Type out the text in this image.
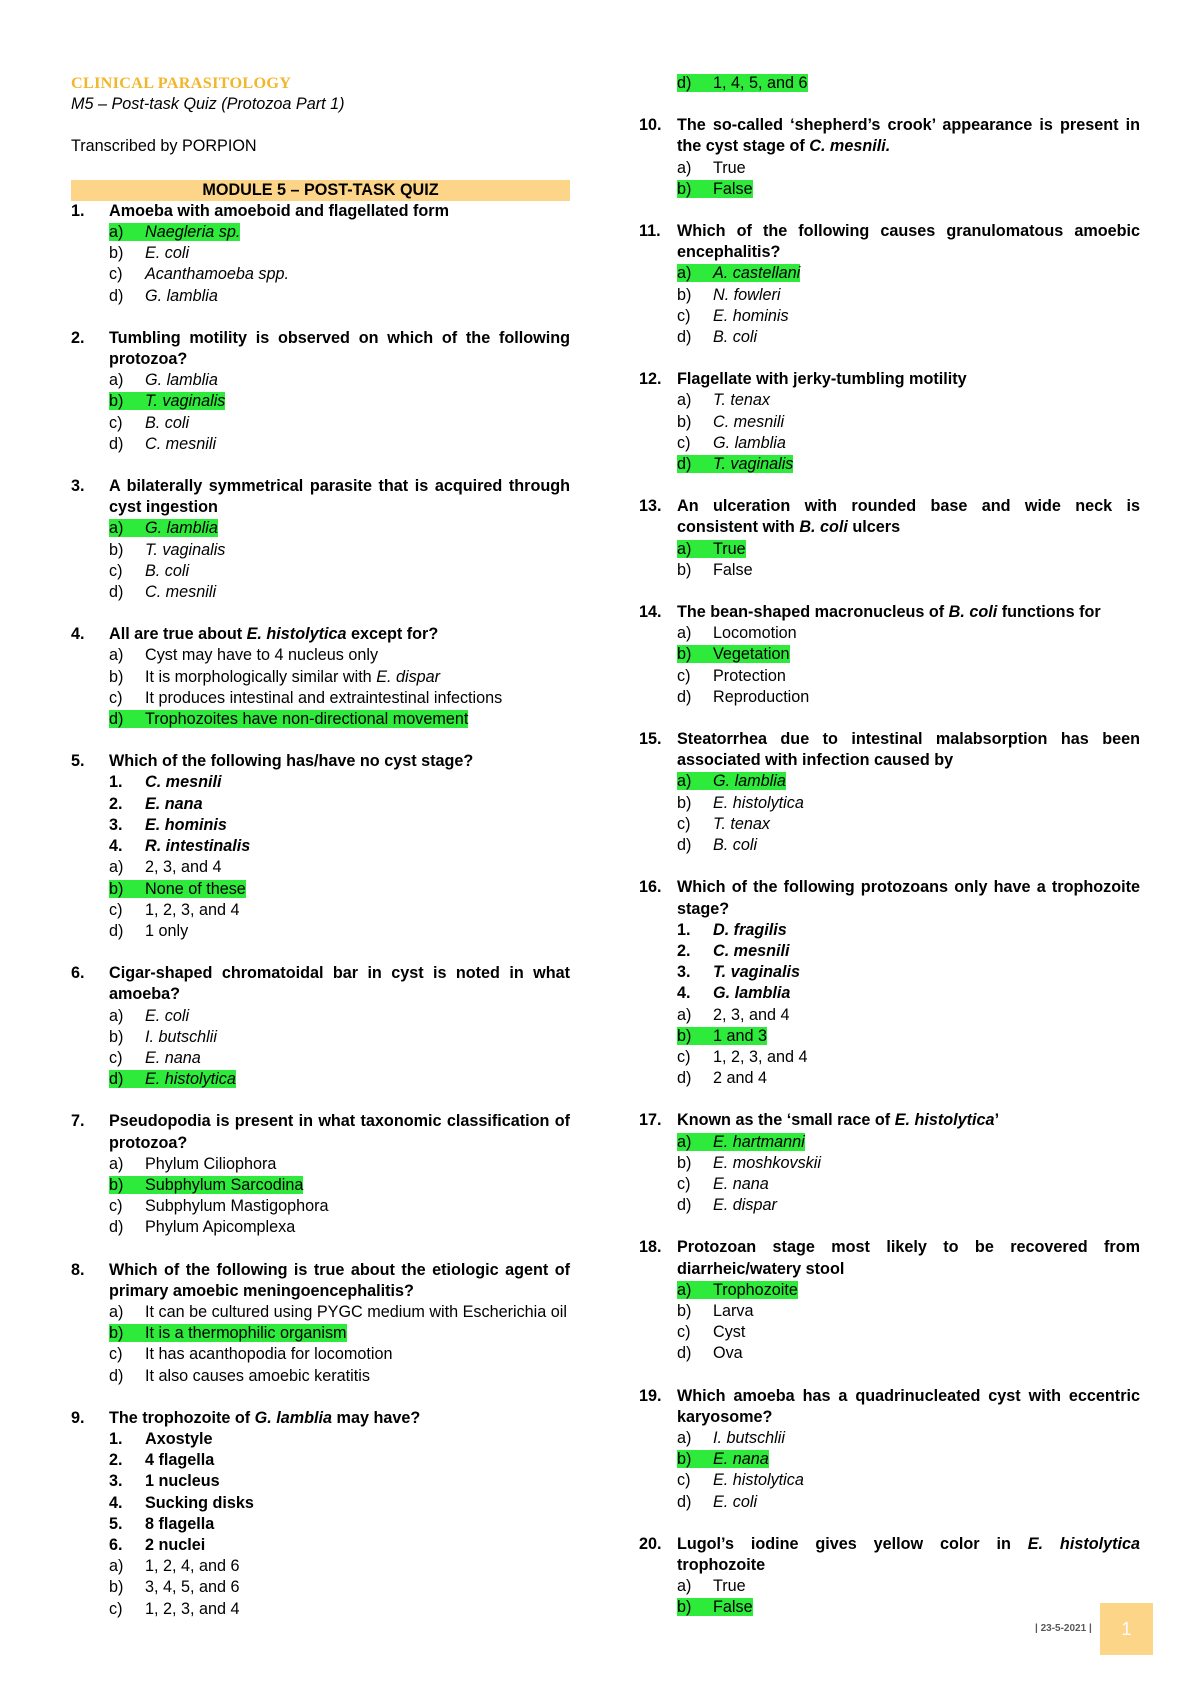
CLINICAL PARASITOLOGY
M5 – Post-task Quiz (Protozoa Part 1)
Transcribed by PORPION
MODULE 5 – POST-TASK QUIZ
1.	Amoeba with amoeboid and flagellated form
a) Naegleria sp.
b)	E. coli
c)	Acanthamoeba spp.
d)	G. lamblia
2.	Tumbling motility is observed on which of the following protozoa?
a)	G. lamblia
b) T. vaginalis
c)	B. coli
d)	C. mesnili
3.	A bilaterally symmetrical parasite that is acquired through cyst ingestion
a) G. lamblia
b)	T. vaginalis
c)	B. coli
d)	C. mesnili
4.	All are true about E. histolytica except for?
a)	Cyst may have to 4 nucleus only
b)	It is morphologically similar with E. dispar
c)	It produces intestinal and extraintestinal infections
d) Trophozoites have non-directional movement
5.	Which of the following has/have no cyst stage?
1.	C. mesnili
2.	E. nana
3.	E. hominis
4.	R. intestinalis
a)	2, 3, and 4
b) None of these
c)	1, 2, 3, and 4
d)	1 only
6.	Cigar-shaped chromatoidal bar in cyst is noted in what amoeba?
a)	E. coli
b)	I. butschlii
c)	E. nana
d) E. histolytica
7.	Pseudopodia is present in what taxonomic classification of protozoa?
a)	Phylum Ciliophora
b) Subphylum Sarcodina
c)	Subphylum Mastigophora
d)	Phylum Apicomplexa
8.	Which of the following is true about the etiologic agent of primary amoebic meningoencephalitis?
a)	It can be cultured using PYGC medium with Escherichia oil
b) It is a thermophilic organism
c)	It has acanthopodia for locomotion
d)	It also causes amoebic keratitis
9.	The trophozoite of G. lamblia may have?
1.	Axostyle
2.	4 flagella
3.	1 nucleus
4.	Sucking disks
5.	8 flagella
6.	2 nuclei
a)	1, 2, 4, and 6
b)	3, 4, 5, and 6
c)	1, 2, 3, and 4
d) 1, 4, 5, and 6
10. The so-called ‘shepherd’s crook’ appearance is present in the cyst stage of C. mesnili.
a)	True
b) False
11.	Which of the following causes granulomatous amoebic encephalitis?
a) A. castellani
b)	N. fowleri
c)	E. hominis
d)	B. coli
12. Flagellate with jerky-tumbling motility
a)	T. tenax
b)	C. mesnili
c)	G. lamblia
d) T. vaginalis
13. An ulceration with rounded base and wide neck is consistent with B. coli ulcers
a) True
b)	False
14. The bean-shaped macronucleus of B. coli functions for
a)	Locomotion
b) Vegetation
c)	Protection
d)	Reproduction
15. Steatorrhea due to intestinal malabsorption has been associated with infection caused by
a) G. lamblia
b)	E. histolytica
c)	T. tenax
d)	B. coli
16. Which of the following protozoans only have a trophozoite stage?
1.	D. fragilis
2.	C. mesnili
3.	T. vaginalis
4.	G. lamblia
a)	2, 3, and 4
b) 1 and 3
c)	1, 2, 3, and 4
d)	2 and 4
17. Known as the ‘small race of E. histolytica’
a) E. hartmanni
b)	E. moshkovskii
c)	E. nana
d)	E. dispar
18. Protozoan stage most likely to be recovered from diarrheic/watery stool
a) Trophozoite
b)	Larva
c)	Cyst
d)	Ova
19. Which amoeba has a quadrinucleated cyst with eccentric karyosome?
a)	I. butschlii
b) E. nana
c)	E. histolytica
d)	E. coli
20. Lugol’s iodine gives yellow color in E. histolytica trophozoite
a)	True
b) False
| 23-5-2021 | 1
